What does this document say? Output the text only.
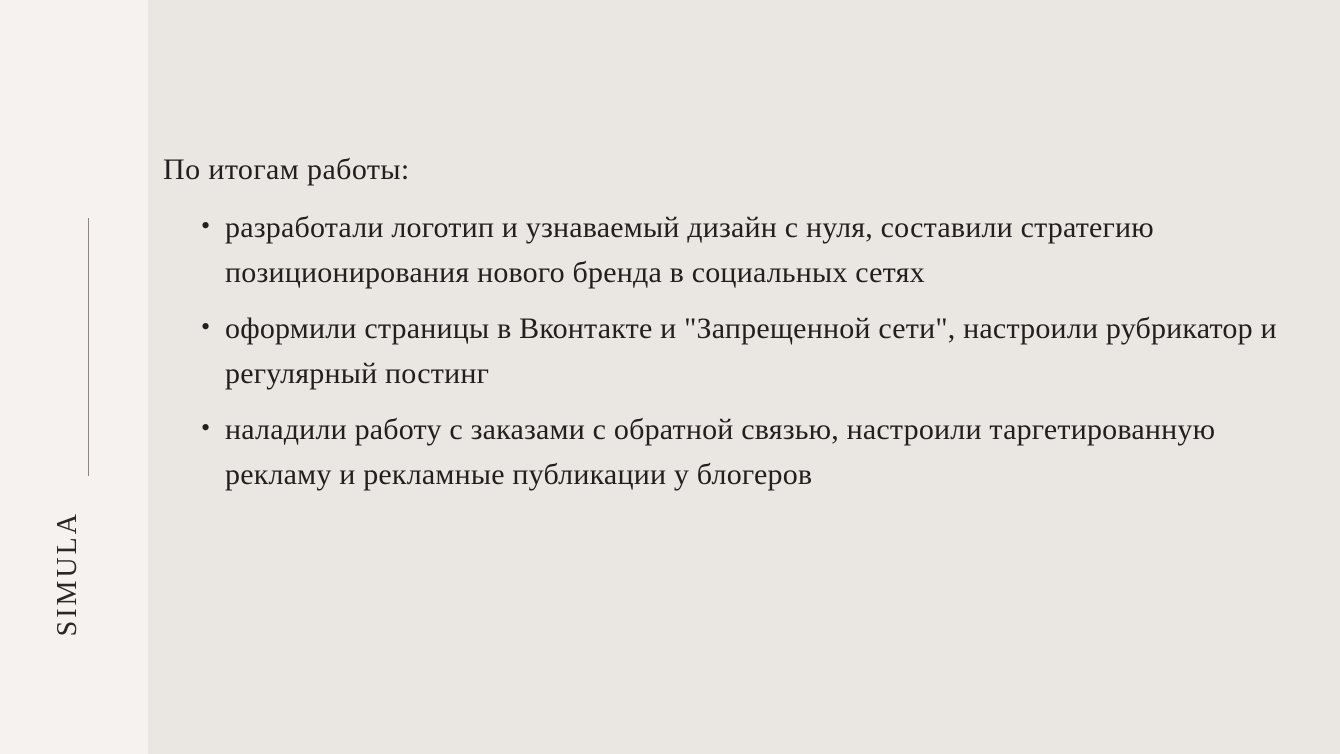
SIMULA

По итогам работы:

• разработали логотип и узнаваемый дизайн с нуля, составили стратегию позиционирования нового бренда в социальных сетях
• оформили страницы в Вконтакте и "Запрещенной сети", настроили рубрикатор и регулярный постинг
• наладили работу с заказами с обратной связью, настроили таргетированную рекламу и рекламные публикации у блогеров
